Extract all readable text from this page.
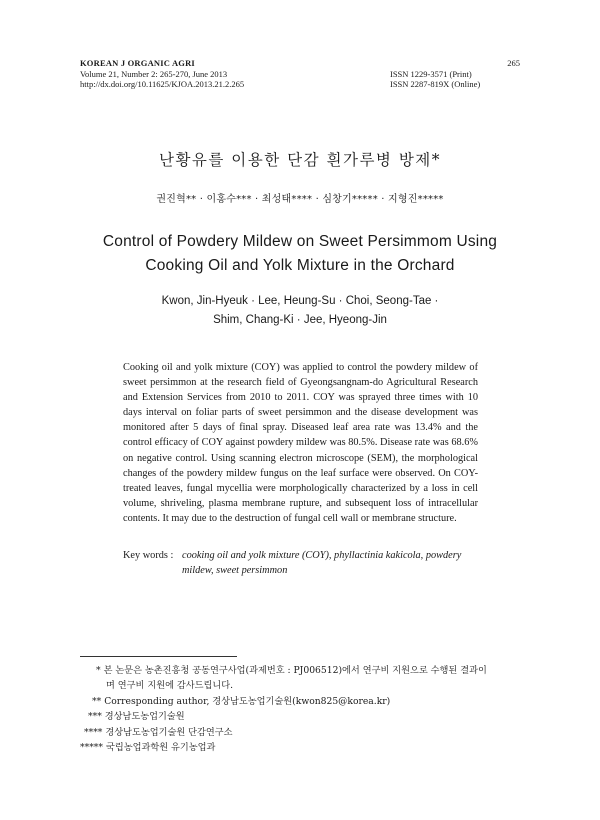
KOREAN J ORGANIC AGRI
Volume 21, Number 2: 265-270, June 2013
http://dx.doi.org/10.11625/KJOA.2013.21.2.265
265
ISSN 1229-3571 (Print)
ISSN 2287-819X (Online)
난황유를 이용한 단감 흰가루병 방제*
권진혁** · 이홍수*** · 최성태**** · 심창기***** · 지형진*****
Control of Powdery Mildew on Sweet Persimmom Using
Cooking Oil and Yolk Mixture in the Orchard
Kwon, Jin-Hyeuk · Lee, Heung-Su · Choi, Seong-Tae ·
Shim, Chang-Ki · Jee, Hyeong-Jin
Cooking oil and yolk mixture (COY) was applied to control the powdery mildew of sweet persimmon at the research field of Gyeongsangnam-do Agricultural Research and Extension Services from 2010 to 2011. COY was sprayed three times with 10 days interval on foliar parts of sweet persimmon and the disease development was monitored after 5 days of final spray. Diseased leaf area rate was 13.4% and the control efficacy of COY against powdery mildew was 80.5%. Disease rate was 68.6% on negative control. Using scanning electron microscope (SEM), the morphological changes of the powdery mildew fungus on the leaf surface were observed. On COY-treated leaves, fungal mycellia were morphologically characterized by a loss in cell volume, shriveling, plasma membrane rupture, and subsequent loss of intracellular contents. It may due to the destruction of fungal cell wall or membrane structure.
Key words : cooking oil and yolk mixture (COY), phyllactinia kakicola, powdery mildew, sweet persimmon
* 본 논문은 농촌진흥청 공동연구사업(과제번호 : PJ006512)에서 연구비 지원으로 수행된 결과이
며 연구비 지원에 감사드립니다.
** Corresponding author, 경상남도농업기술원(kwon825@korea.kr)
*** 경상남도농업기술원
**** 경상남도농업기술원 단감연구소
***** 국립농업과학원 유기농업과
